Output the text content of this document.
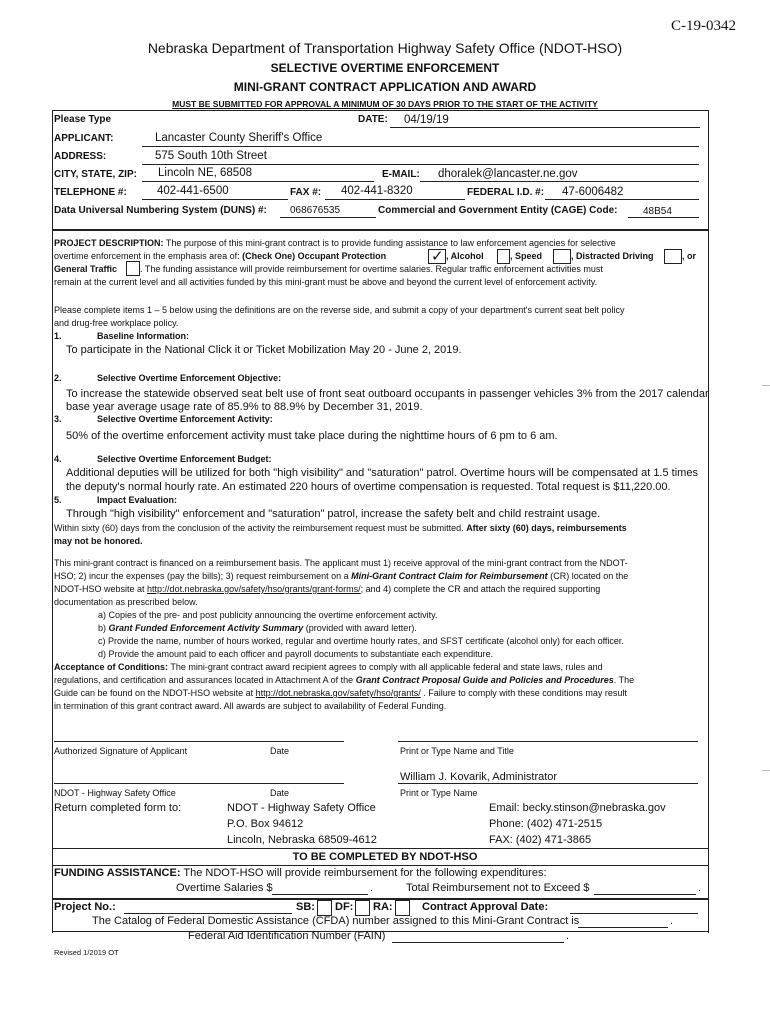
C-19-0342
Nebraska Department of Transportation Highway Safety Office (NDOT-HSO)
SELECTIVE OVERTIME ENFORCEMENT
MINI-GRANT CONTRACT APPLICATION AND AWARD
MUST BE SUBMITTED FOR APPROVAL A MINIMUM OF 30 DAYS PRIOR TO THE START OF THE ACTIVITY
Please Type	DATE: 04/19/19
APPLICANT:	Lancaster County Sheriff's Office
ADDRESS:	575 South 10th Street
CITY, STATE, ZIP: Lincoln NE, 68508	E-MAIL: dhoralek@lancaster.ne.gov
TELEPHONE #:	402-441-6500	FAX #: 402-441-8320	FEDERAL I.D. #: 47-6006482
Data Universal Numbering System (DUNS) #: 068676535	Commercial and Government Entity (CAGE) Code:	48B54
PROJECT DESCRIPTION: The purpose of this mini-grant contract is to provide funding assistance to law enforcement agencies for selective
overtime enforcement in the emphasis area of: (Check One) Occupant Protection	✓ , Alcohol	, Speed	, Distracted Driving	, or
General Traffic	. The funding assistance will provide reimbursement for overtime salaries. Regular traffic enforcement activities must
remain at the current level and all activities funded by this mini-grant must be above and beyond the current level of enforcement activity.
Please complete items 1 – 5 below using the definitions are on the reverse side, and submit a copy of your department's current seat belt policy
and drug-free workplace policy.
1.	Baseline Information:
To participate in the National Click it or Ticket Mobilization May 20 - June 2, 2019.
2.	Selective Overtime Enforcement Objective:
To increase the statewide observed seat belt use of front seat outboard occupants in passenger vehicles 3% from the 2017 calendar
base year average usage rate of 85.9% to 88.9% by December 31, 2019.
3.	Selective Overtime Enforcement Activity:
50% of the overtime enforcement activity must take place during the nighttime hours of 6 pm to 6 am.
4.	Selective Overtime Enforcement Budget:
Additional deputies will be utilized for both "high visibility" and "saturation" patrol. Overtime hours will be compensated at 1.5 times
the deputy's normal hourly rate. An estimated 220 hours of overtime compensation is requested. Total request is $11,220.00.
5.	Impact Evaluation:
Through "high visibility" enforcement and "saturation" patrol, increase the safety belt and child restraint usage.
Within sixty (60) days from the conclusion of the activity the reimbursement request must be submitted. After sixty (60) days, reimbursements
may not be honored.
This mini-grant contract is financed on a reimbursement basis. The applicant must 1) receive approval of the mini-grant contract from the NDOT-
HSO; 2) incur the expenses (pay the bills); 3) request reimbursement on a Mini-Grant Contract Claim for Reimbursement (CR) located on the
NDOT-HSO website at http://dot.nebraska.gov/safety/hso/grants/grant-forms/; and 4) complete the CR and attach the required supporting
documentation as prescribed below.
a) Copies of the pre- and post publicity announcing the overtime enforcement activity.
b) Grant Funded Enforcement Activity Summary (provided with award letter).
c) Provide the name, number of hours worked, regular and overtime hourly rates, and SFST certificate (alcohol only) for each officer.
d) Provide the amount paid to each officer and payroll documents to substantiate each expenditure.
Acceptance of Conditions: The mini-grant contract award recipient agrees to comply with all applicable federal and state laws, rules and
regulations, and certification and assurances located in Attachment A of the Grant Contract Proposal Guide and Policies and Procedures. The
Guide can be found on the NDOT-HSO website at http://dot.nebraska.gov/safety/hso/grants/ . Failure to comply with these conditions may result
in termination of this grant contract award. All awards are subject to availability of Federal Funding.
Authorized Signature of Applicant	Date	Print or Type Name and Title
William J. Kovarik, Administrator
NDOT - Highway Safety Office	Date	Print or Type Name
Return completed form to:	NDOT - Highway Safety Office
P.O. Box 94612
Lincoln, Nebraska 68509-4612
Email: becky.stinson@nebraska.gov
Phone: (402) 471-2515
FAX: (402) 471-3865
TO BE COMPLETED BY NDOT-HSO
FUNDING ASSISTANCE: The NDOT-HSO will provide reimbursement for the following expenditures:
Overtime Salaries $	.	Total Reimbursement not to Exceed $	.
Project No.:	SB: DF: RA:	Contract Approval Date:
The Catalog of Federal Domestic Assistance (CFDA) number assigned to this Mini-Grant Contract is	.
Federal Aid Identification Number (FAIN)	.
Revised 1/2019 OT
